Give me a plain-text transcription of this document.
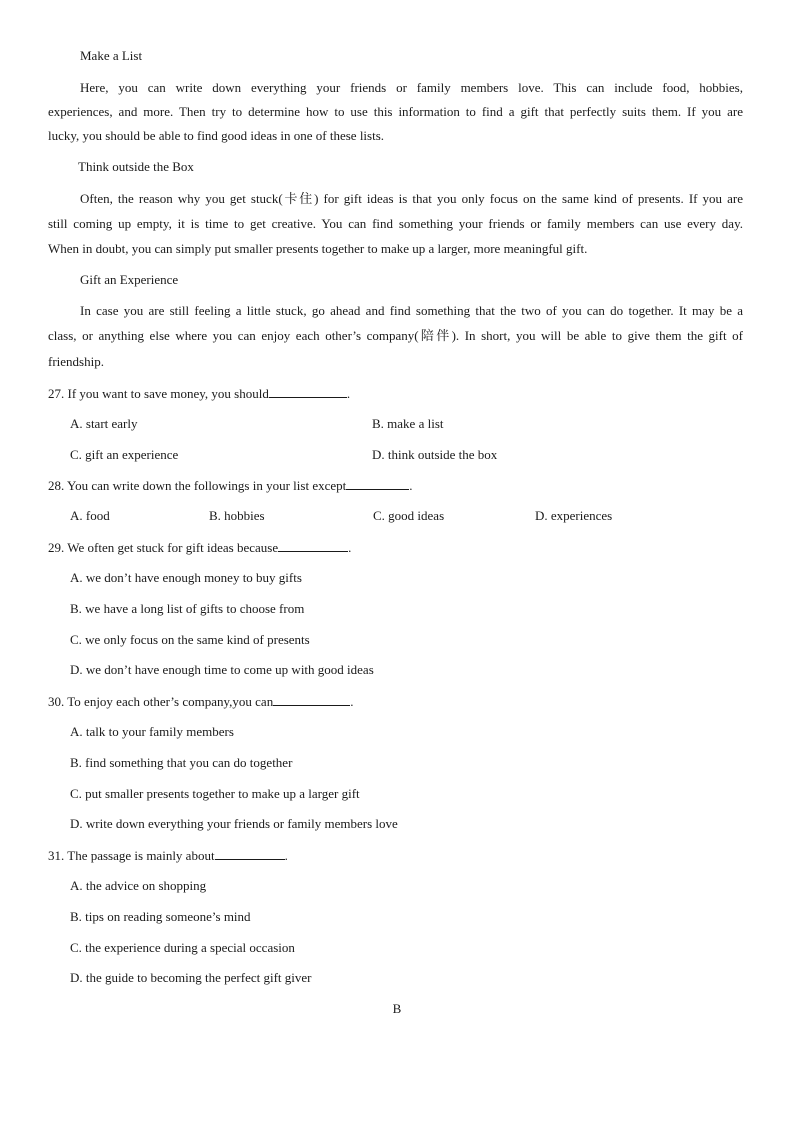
Make a List
Here, you can write down everything your friends or family members love. This can include food, hobbies,
experiences, and more. Then try to determine how to use this information to find a gift that perfectly suits them. If you are
lucky, you should be able to find good ideas in one of these lists.
Think outside the Box
Often, the reason why you get stuck(卡住) for gift ideas is that you only focus on the same kind of presents. If you are
still coming up empty, it is time to get creative. You can find something your friends or family members can use every day.
When in doubt, you can simply put smaller presents together to make up a larger, more meaningful gift.
Gift an Experience
In case you are still feeling a little stuck, go ahead and find something that the two of you can do together. It may be a
class, or anything else where you can enjoy each other’s company(陪伴). In short, you will be able to give them the gift of
friendship.
27. If you want to save money, you should	.
A. start early	B. make a list
C. gift an experience	D. think outside the box
28. You can write down the followings in your list except	.
A. food	B. hobbies	C. good ideas	D. experiences
29. We often get stuck for gift ideas because	.
A. we don’t have enough money to buy gifts
B. we have a long list of gifts to choose from
C. we only focus on the same kind of presents
D. we don’t have enough time to come up with good ideas
30. To enjoy each other’s company,you can	.
A. talk to your family members
B. find something that you can do together
C. put smaller presents together to make up a larger gift
D. write down everything your friends or family members love
31. The passage is mainly about	.
A. the advice on shopping
B. tips on reading someone’s mind
C. the experience during a special occasion
D. the guide to becoming the perfect gift giver
B
